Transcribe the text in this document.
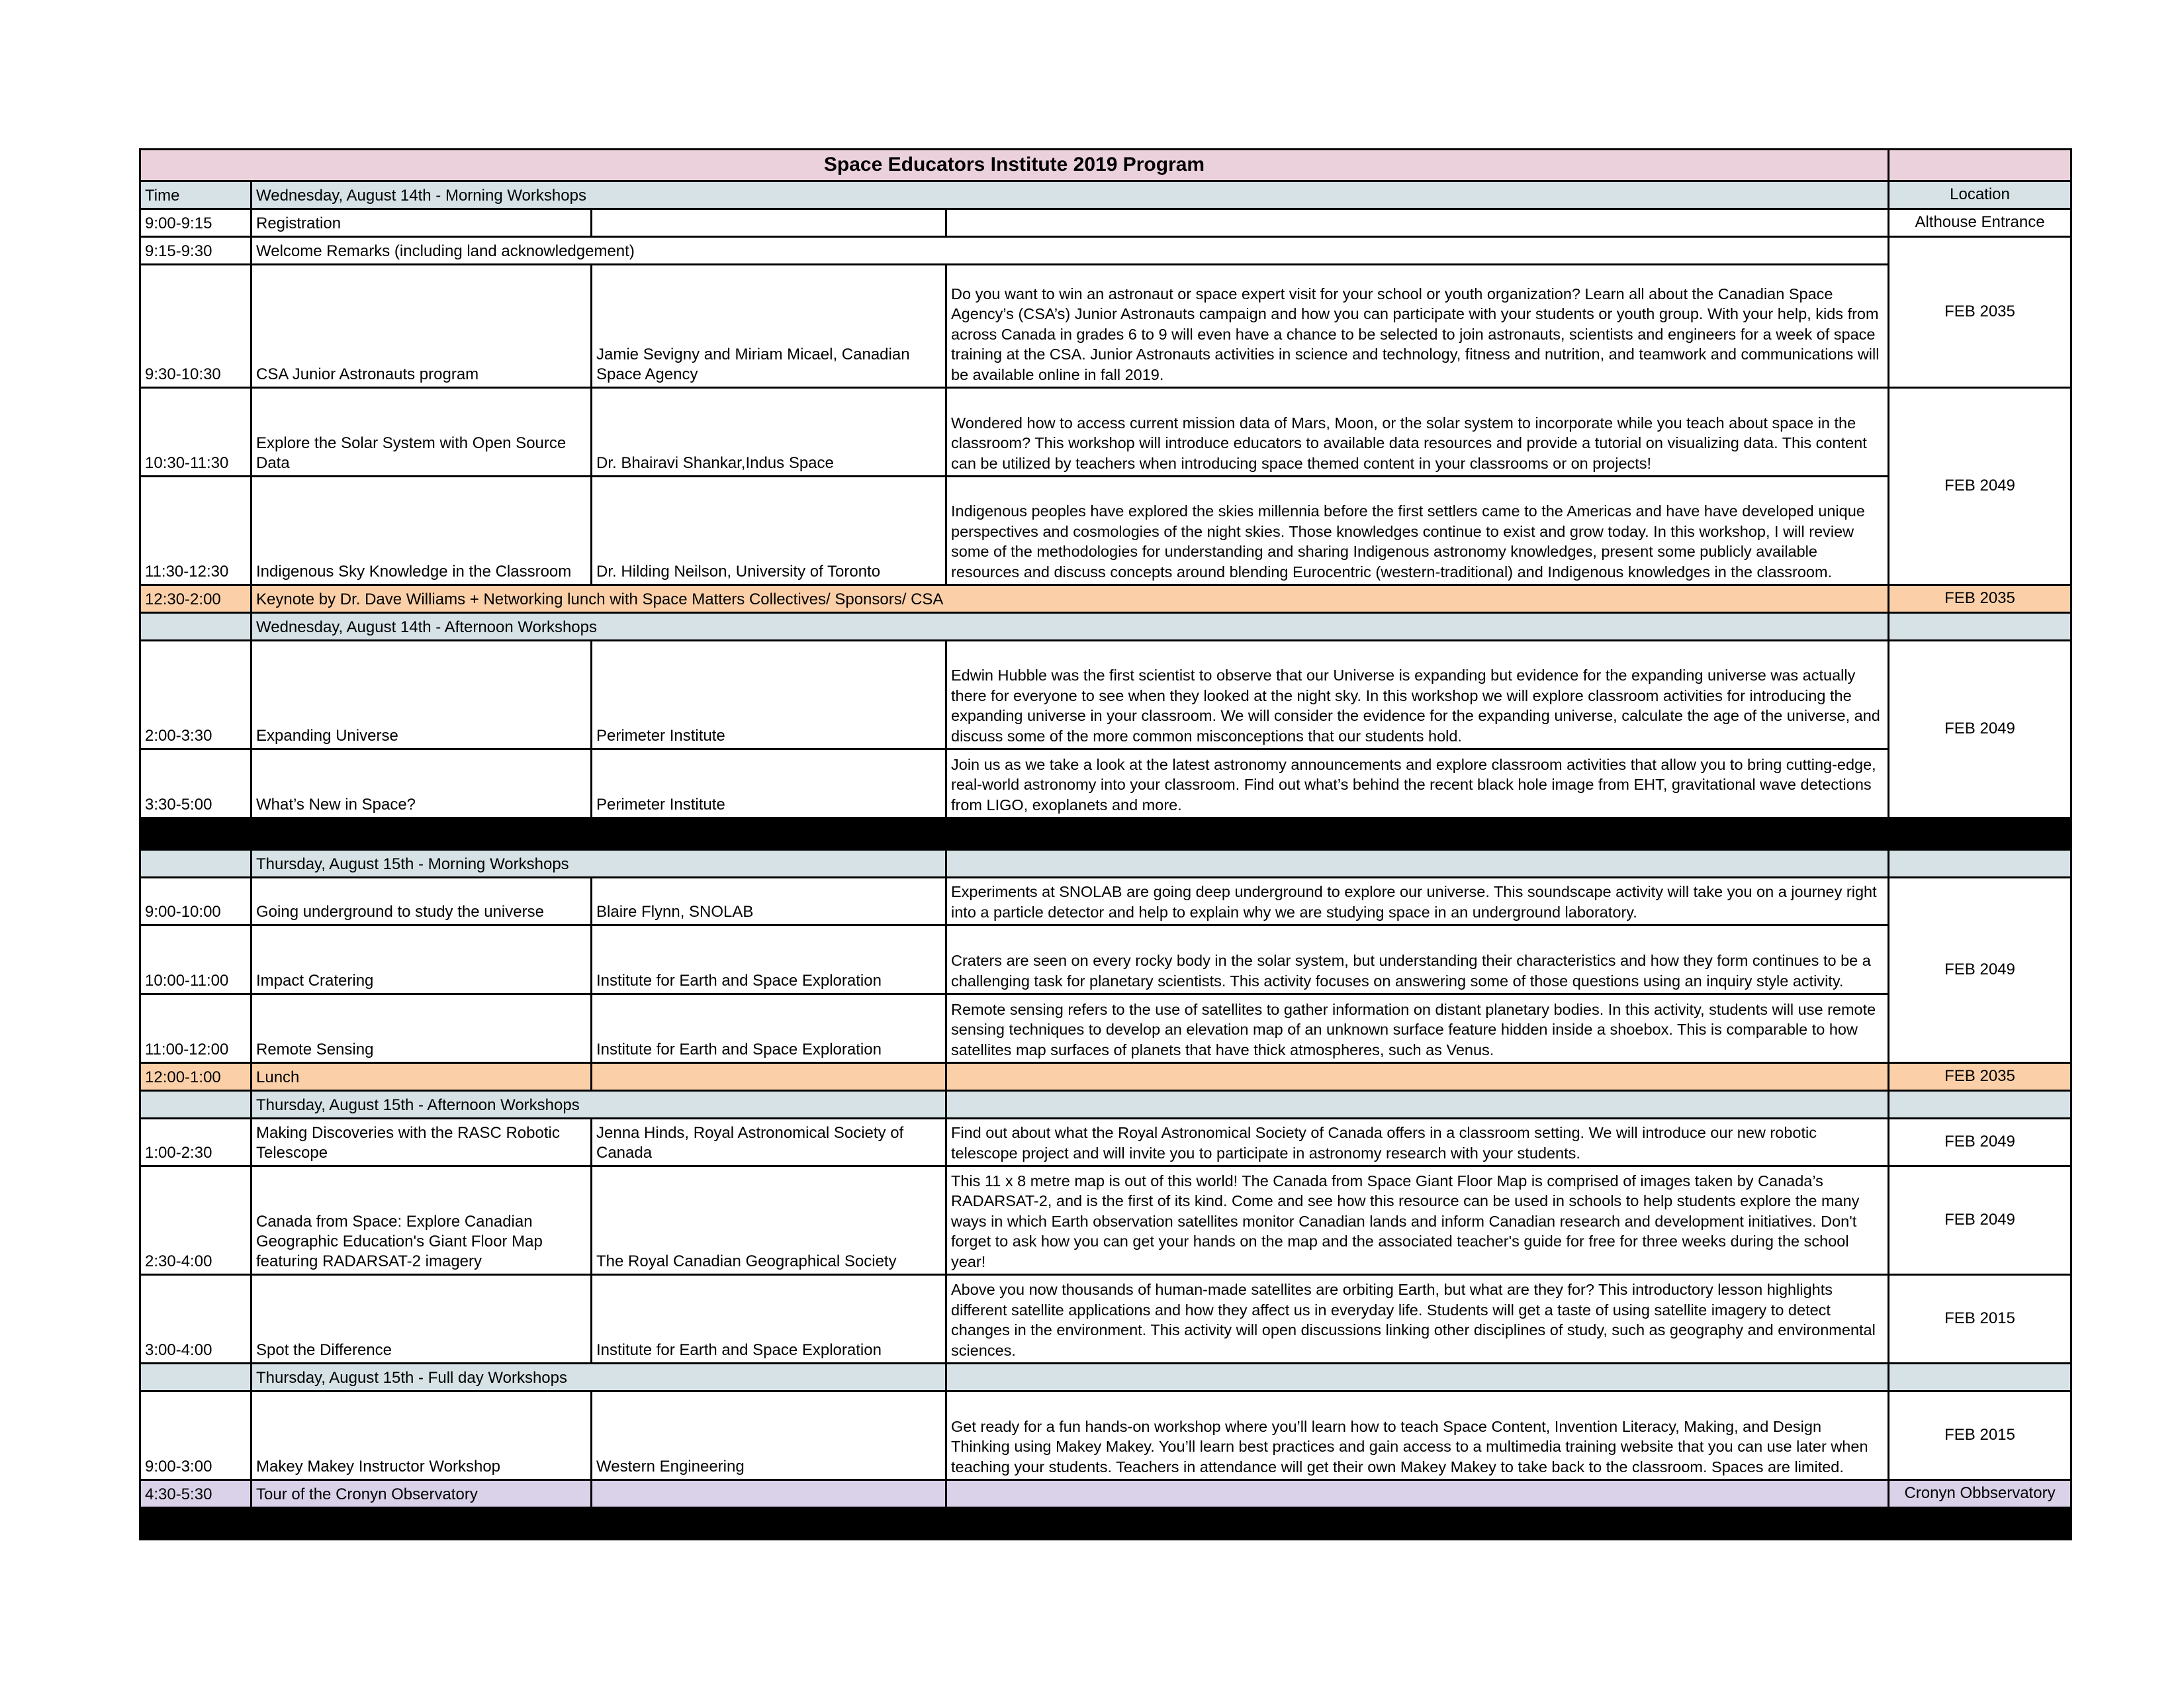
Space Educators Institute 2019 Program				
Time	Wednesday, August 14th - Morning Workshops			Location
9:00-9:15	Registration			Althouse Entrance
9:15-9:30	Welcome Remarks (including land acknowledgement)			FEB 2035
9:30-10:30	CSA Junior Astronauts program	Jamie Sevigny and Miriam Micael, Canadian Space Agency	Do you want to win an astronaut or space expert visit for your school or youth organization? Learn all about the Canadian Space Agency’s (CSA’s) Junior Astronauts campaign and how you can participate with your students or youth group. With your help, kids from across Canada in grades 6 to 9 will even have a chance to be selected to join astronauts, scientists and engineers for a week of space training at the CSA. Junior Astronauts activities in science and technology, fitness and nutrition, and teamwork and communications will be available online in fall 2019.	
10:30-11:30	Explore the Solar System with Open Source Data	Dr. Bhairavi Shankar,Indus Space	Wondered how to access current mission data of Mars, Moon, or the solar system to incorporate while you teach about space in the classroom? This workshop will introduce educators to available data resources and provide a tutorial on visualizing data. This content can be utilized by teachers when introducing space themed content in your classrooms or on projects!	FEB 2049
11:30-12:30	Indigenous Sky Knowledge in the Classroom	Dr. Hilding Neilson, University of Toronto	Indigenous peoples have explored the skies millennia before the first settlers came to the Americas and have have developed unique perspectives and cosmologies of the night skies. Those knowledges continue to exist and grow today. In this workshop, I will review some of the methodologies for understanding and sharing Indigenous astronomy knowledges, present some publicly available resources and discuss concepts around blending Eurocentric (western-traditional) and Indigenous knowledges in the classroom.	
12:30-2:00	Keynote by Dr. Dave Williams + Networking lunch with Space Matters Collectives/ Sponsors/ CSA			FEB 2035
	Wednesday, August 14th - Afternoon Workshops			
2:00-3:30	Expanding Universe	Perimeter Institute	Edwin Hubble was the first scientist to observe that our Universe is expanding but evidence for the expanding universe was actually there for everyone to see when they looked at the night sky. In this workshop we will explore classroom activities for introducing the expanding universe in your classroom. We will consider the evidence for the expanding universe, calculate the age of the universe, and discuss some of the more common misconceptions that our students hold.	FEB 2049
3:30-5:00	What’s New in Space?	Perimeter Institute	Join us as we take a look at the latest astronomy announcements and explore classroom activities that allow you to bring cutting-edge, real-world astronomy into your classroom. Find out what’s behind the recent black hole image from EHT, gravitational wave detections from LIGO, exoplanets and more.	

	Thursday, August 15th - Morning Workshops			
9:00-10:00	Going underground to study the universe	Blaire Flynn, SNOLAB	Experiments at SNOLAB are going deep underground to explore our universe. This soundscape activity will take you on a journey right into a particle detector and help to explain why we are studying space in an underground laboratory.	FEB 2049
10:00-11:00	Impact Cratering	Institute for Earth and Space Exploration	Craters are seen on every rocky body in the solar system, but understanding their characteristics and how they form continues to be a challenging task for planetary scientists. This activity focuses on answering some of those questions using an inquiry style activity.	
11:00-12:00	Remote Sensing	Institute for Earth and Space Exploration	Remote sensing refers to the use of satellites to gather information on distant planetary bodies. In this activity, students will use remote sensing techniques to develop an elevation map of an unknown surface feature hidden inside a shoebox. This is comparable to how satellites map surfaces of planets that have thick atmospheres, such as Venus.	
12:00-1:00	Lunch			FEB 2035
	Thursday, August 15th - Afternoon Workshops			
1:00-2:30	Making Discoveries with the RASC Robotic Telescope	Jenna Hinds, Royal Astronomical Society of Canada	Find out about what the Royal Astronomical Society of Canada offers in a classroom setting. We will introduce our new robotic telescope project and will invite you to participate in astronomy research with your students.	FEB 2049
2:30-4:00	Canada from Space: Explore Canadian Geographic Education's Giant Floor Map featuring RADARSAT-2 imagery	The Royal Canadian Geographical Society	This 11 x 8 metre map is out of this world! The Canada from Space Giant Floor Map is comprised of images taken by Canada’s RADARSAT-2, and is the first of its kind. Come and see how this resource can be used in schools to help students explore the many ways in which Earth observation satellites monitor Canadian lands and inform Canadian research and development initiatives. Don't forget to ask how you can get your hands on the map and the associated teacher's guide for free for three weeks during the school year!	FEB 2049
3:00-4:00	Spot the Difference	Institute for Earth and Space Exploration	Above you now thousands of human-made satellites are orbiting Earth, but what are they for? This introductory lesson highlights different satellite applications and how they affect us in everyday life. Students will get a taste of using satellite imagery to detect changes in the environment. This activity will open discussions linking other disciplines of study, such as geography and environmental sciences.	FEB 2015
	Thursday, August 15th - Full day Workshops			
9:00-3:00	Makey Makey Instructor Workshop	Western Engineering	Get ready for a fun hands-on workshop where you’ll learn how to teach Space Content, Invention Literacy, Making, and Design Thinking using Makey Makey. You’ll learn best practices and gain access to a multimedia training website that you can use later when teaching your students. Teachers in attendance will get their own Makey Makey to take back to the classroom. Spaces are limited.	FEB 2015
4:30-5:30	Tour of the Cronyn Observatory			Cronyn Obbservatory
